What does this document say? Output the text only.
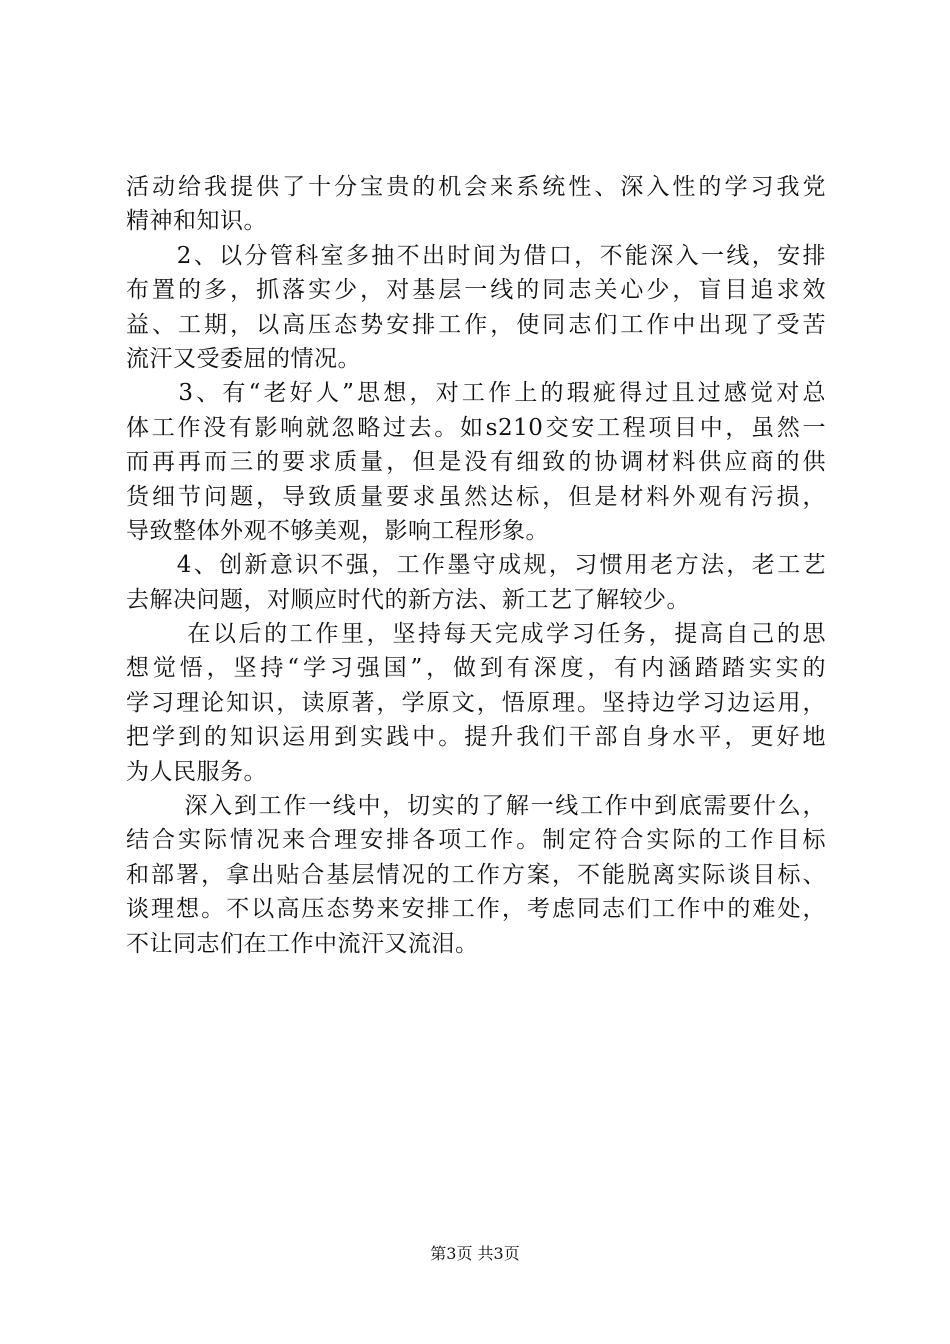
活动给我提供了十分宝贵的机会来系统性、深入性的学习我党
精神和知识。
　　2、以分管科室多抽不出时间为借口，不能深入一线，安排
布置的多，抓落实少，对基层一线的同志关心少，盲目追求效
益、工期，以高压态势安排工作，使同志们工作中出现了受苦
流汗又受委屈的情况。
　　3、有“老好人”思想，对工作上的瑕疵得过且过感觉对总
体工作没有影响就忽略过去。如s210交安工程项目中，虽然一
而再再而三的要求质量，但是没有细致的协调材料供应商的供
货细节问题，导致质量要求虽然达标，但是材料外观有污损，
导致整体外观不够美观，影响工程形象。
　　4、创新意识不强，工作墨守成规，习惯用老方法，老工艺
去解决问题，对顺应时代的新方法、新工艺了解较少。
　　 在以后的工作里，坚持每天完成学习任务，提高自己的思
想觉悟，坚持“学习强国”，做到有深度，有内涵踏踏实实的
学习理论知识，读原著，学原文，悟原理。坚持边学习边运用，
把学到的知识运用到实践中。提升我们干部自身水平，更好地
为人民服务。
　　 深入到工作一线中，切实的了解一线工作中到底需要什么，
结合实际情况来合理安排各项工作。制定符合实际的工作目标
和部署，拿出贴合基层情况的工作方案，不能脱离实际谈目标、
谈理想。不以高压态势来安排工作，考虑同志们工作中的难处，
不让同志们在工作中流汗又流泪。
第3页 共3页
